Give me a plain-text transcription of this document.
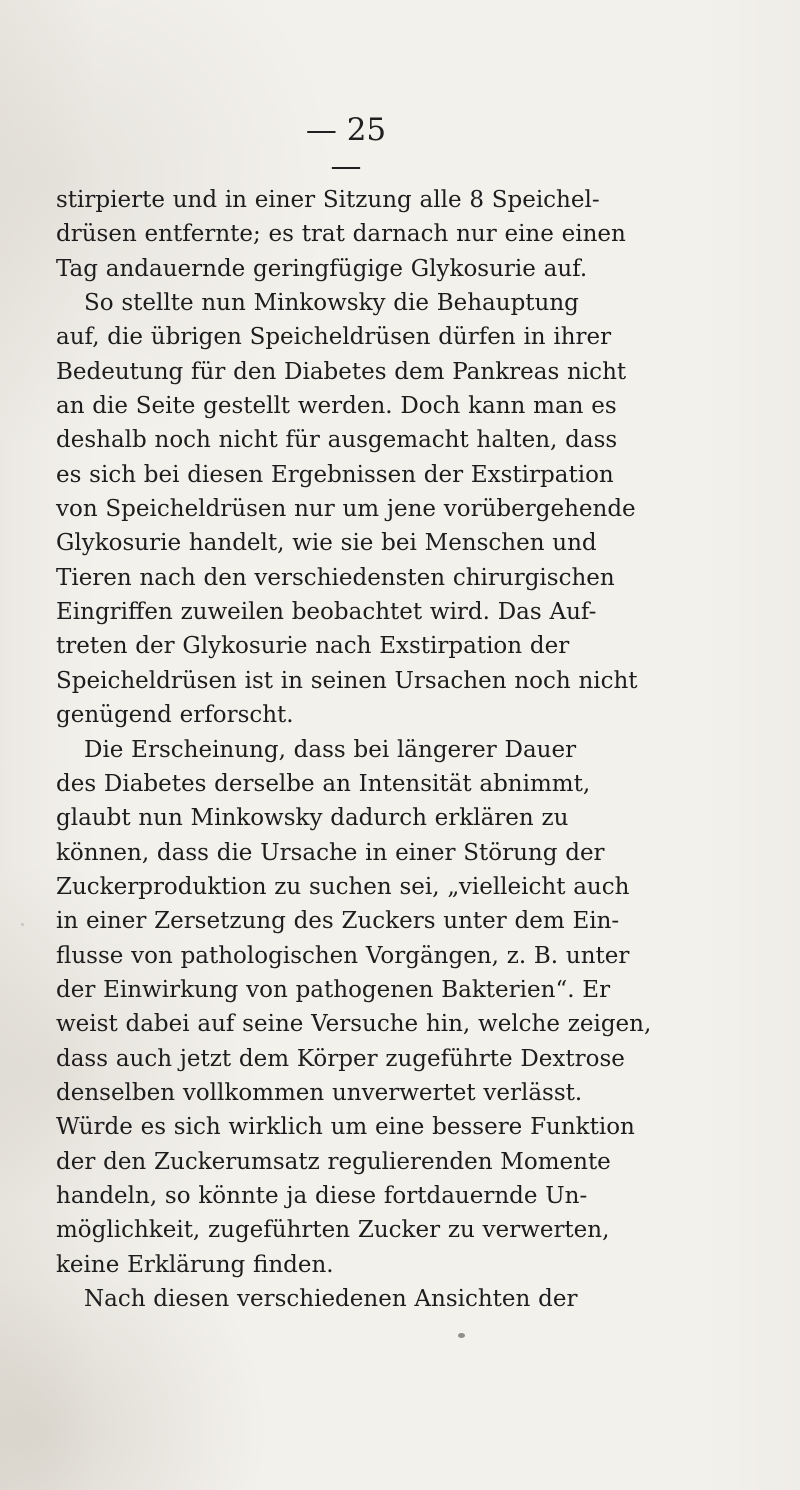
— 25 —
stirpierte und in einer Sitzung alle 8 Speichel-
drüsen entfernte; es trat darnach nur eine einen
Tag andauernde geringfügige Glykosurie auf.
So stellte nun Minkowsky die Behauptung
auf, die übrigen Speicheldrüsen dürfen in ihrer
Bedeutung für den Diabetes dem Pankreas nicht
an die Seite gestellt werden. Doch kann man es
deshalb noch nicht für ausgemacht halten, dass
es sich bei diesen Ergebnissen der Exstirpation
von Speicheldrüsen nur um jene vorübergehende
Glykosurie handelt, wie sie bei Menschen und
Tieren nach den verschiedensten chirurgischen
Eingriffen zuweilen beobachtet wird. Das Auf-
treten der Glykosurie nach Exstirpation der
Speicheldrüsen ist in seinen Ursachen noch nicht
genügend erforscht.
Die Erscheinung, dass bei längerer Dauer
des Diabetes derselbe an Intensität abnimmt,
glaubt nun Minkowsky dadurch erklären zu
können, dass die Ursache in einer Störung der
Zuckerproduktion zu suchen sei, „vielleicht auch
in einer Zersetzung des Zuckers unter dem Ein-
flusse von pathologischen Vorgängen, z. B. unter
der Einwirkung von pathogenen Bakterien“. Er
weist dabei auf seine Versuche hin, welche zeigen,
dass auch jetzt dem Körper zugeführte Dextrose
denselben vollkommen unverwertet verlässt.
Würde es sich wirklich um eine bessere Funktion
der den Zuckerumsatz regulierenden Momente
handeln, so könnte ja diese fortdauernde Un-
möglichkeit, zugeführten Zucker zu verwerten,
keine Erklärung finden.
Nach diesen verschiedenen Ansichten der
